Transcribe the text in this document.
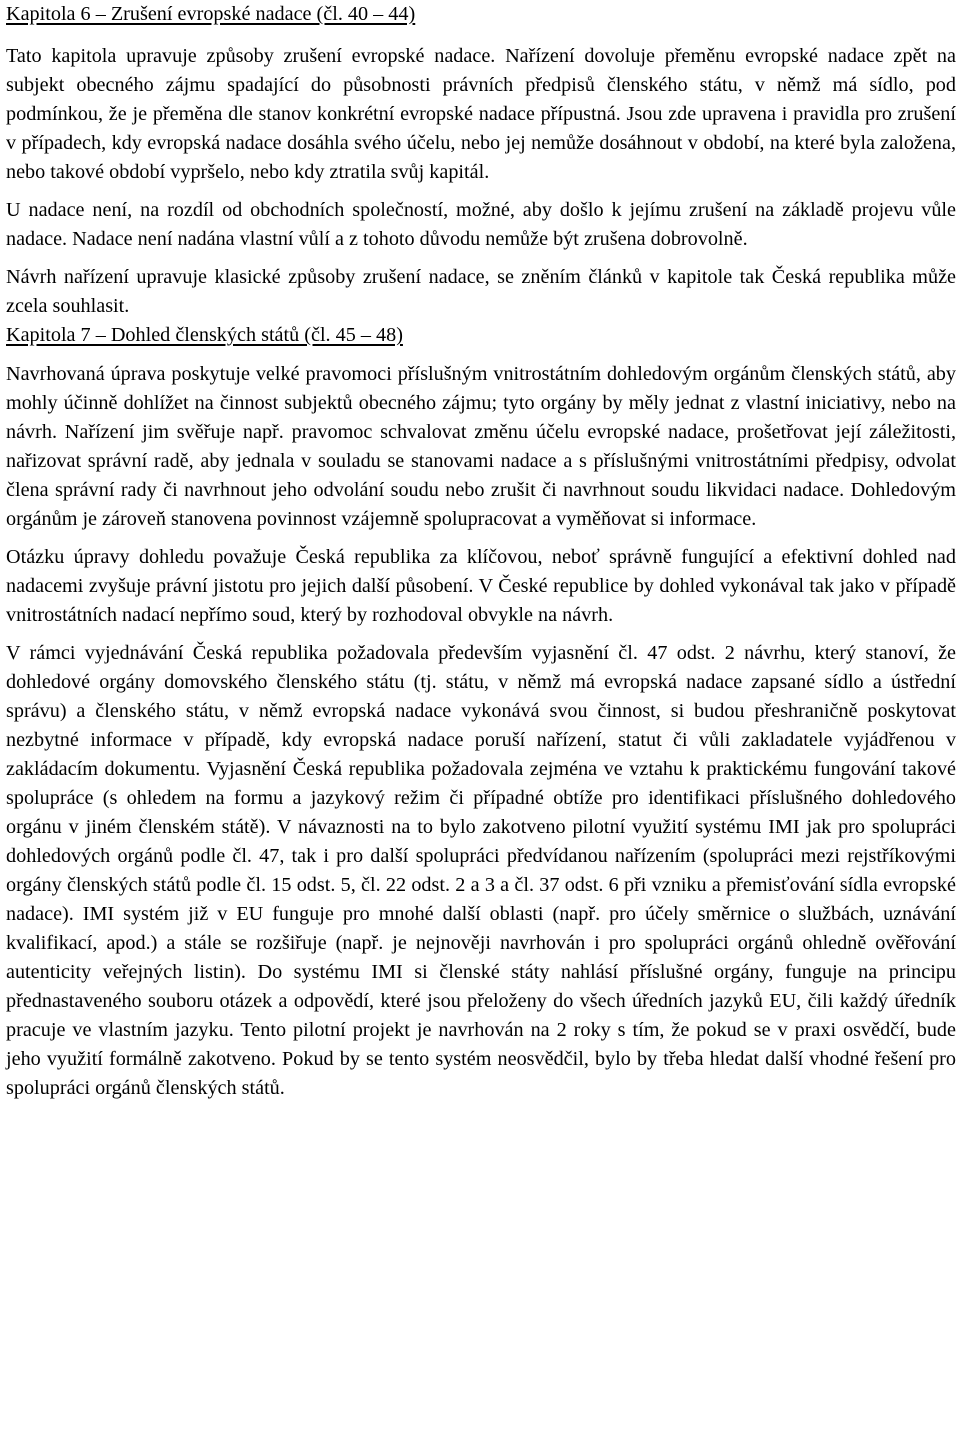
Kapitola 6 – Zrušení evropské nadace (čl. 40 – 44)

Tato kapitola upravuje způsoby zrušení evropské nadace. Nařízení dovoluje přeměnu evropské nadace zpět na subjekt obecného zájmu spadající do působnosti právních předpisů členského státu, v němž má sídlo, pod podmínkou, že je přeměna dle stanov konkrétní evropské nadace přípustná. Jsou zde upravena i pravidla pro zrušení v případech, kdy evropská nadace dosáhla svého účelu, nebo jej nemůže dosáhnout v období, na které byla založena, nebo takové období vypršelo, nebo kdy ztratila svůj kapitál.

U nadace není, na rozdíl od obchodních společností, možné, aby došlo k jejímu zrušení na základě projevu vůle nadace. Nadace není nadána vlastní vůlí a z tohoto důvodu nemůže být zrušena dobrovolně.

Návrh nařízení upravuje klasické způsoby zrušení nadace, se zněním článků v kapitole tak Česká republika může zcela souhlasit.

Kapitola 7 – Dohled členských států (čl. 45 – 48)

Navrhovaná úprava poskytuje velké pravomoci příslušným vnitrostátním dohledovým orgánům členských států, aby mohly účinně dohlížet na činnost subjektů obecného zájmu; tyto orgány by měly jednat z vlastní iniciativy, nebo na návrh. Nařízení jim svěřuje např. pravomoc schvalovat změnu účelu evropské nadace, prošetřovat její záležitosti, nařizovat správní radě, aby jednala v souladu se stanovami nadace a s příslušnými vnitrostátními předpisy, odvolat člena správní rady či navrhnout jeho odvolání soudu nebo zrušit či navrhnout soudu likvidaci nadace. Dohledovým orgánům je zároveň stanovena povinnost vzájemně spolupracovat a vyměňovat si informace.

Otázku úpravy dohledu považuje Česká republika za klíčovou, neboť správně fungující a efektivní dohled nad nadacemi zvyšuje právní jistotu pro jejich další působení. V České republice by dohled vykonával tak jako v případě vnitrostátních nadací nepřímo soud, který by rozhodoval obvykle na návrh.

V rámci vyjednávání Česká republika požadovala především vyjasnění čl. 47 odst. 2 návrhu, který stanoví, že dohledové orgány domovského členského státu (tj. státu, v němž má evropská nadace zapsané sídlo a ústřední správu) a členského státu, v němž evropská nadace vykonává svou činnost, si budou přeshraničně poskytovat nezbytné informace v případě, kdy evropská nadace poruší nařízení, statut či vůli zakladatele vyjádřenou v zakládacím dokumentu. Vyjasnění Česká republika požadovala zejména ve vztahu k praktickému fungování takové spolupráce (s ohledem na formu a jazykový režim či případné obtíže pro identifikaci příslušného dohledového orgánu v jiném členském státě). V návaznosti na to bylo zakotveno pilotní využití systému IMI jak pro spolupráci dohledových orgánů podle čl. 47, tak i pro další spolupráci předvídanou nařízením (spolupráci mezi rejstříkovými orgány členských států podle čl. 15 odst. 5, čl. 22 odst. 2 a 3 a čl. 37 odst. 6 při vzniku a přemisťování sídla evropské nadace). IMI systém již v EU funguje pro mnohé další oblasti (např. pro účely směrnice o službách, uznávání kvalifikací, apod.) a stále se rozšiřuje (např. je nejnověji navrhován i pro spolupráci orgánů ohledně ověřování autenticity veřejných listin). Do systému IMI si členské státy nahlásí příslušné orgány, funguje na principu přednastaveného souboru otázek a odpovědí, které jsou přeloženy do všech úředních jazyků EU, čili každý úředník pracuje ve vlastním jazyku. Tento pilotní projekt je navrhován na 2 roky s tím, že pokud se v praxi osvědčí, bude jeho využití formálně zakotveno. Pokud by se tento systém neosvědčil, bylo by třeba hledat další vhodné řešení pro spolupráci orgánů členských států.
